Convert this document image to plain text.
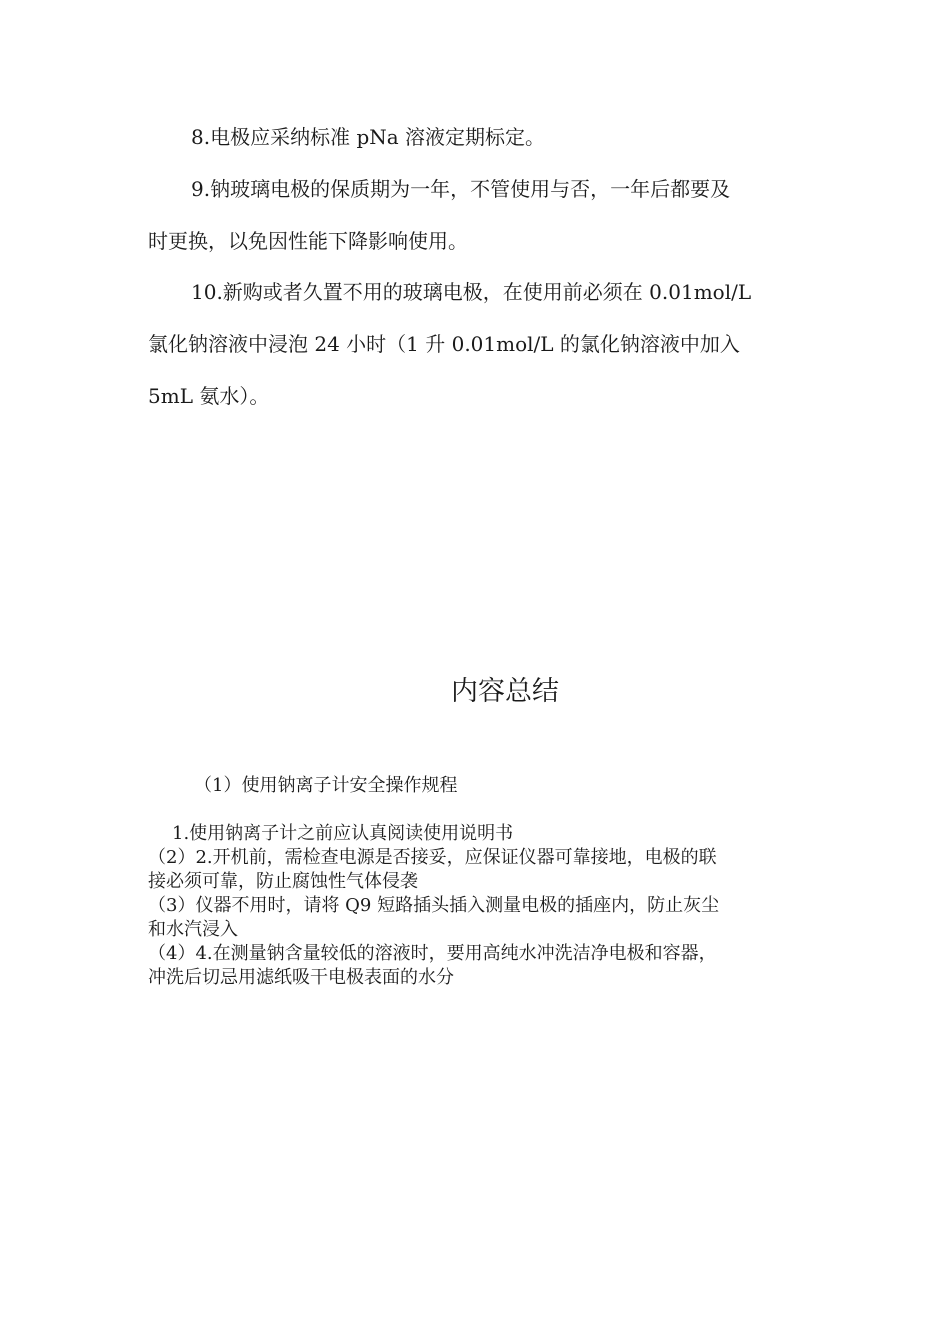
8.电极应采纳标准 pNa 溶液定期标定。

9.钠玻璃电极的保质期为一年，不管使用与否，一年后都要及
时更换，以免因性能下降影响使用。

10.新购或者久置不用的玻璃电极，在使用前必须在 0.01mol/L
氯化钠溶液中浸泡 24 小时（1 升 0.01mol/L 的氯化钠溶液中加入
5mL 氨水）。

内容总结

（1）使用钠离子计安全操作规程

1.使用钠离子计之前应认真阅读使用说明书
（2）2.开机前，需检查电源是否接妥，应保证仪器可靠接地，电极的联
接必须可靠，防止腐蚀性气体侵袭
（3）仪器不用时，请将 Q9 短路插头插入测量电极的插座内，防止灰尘
和水汽浸入
（4）4.在测量钠含量较低的溶液时，要用高纯水冲洗洁净电极和容器，
冲洗后切忌用滤纸吸干电极表面的水分
